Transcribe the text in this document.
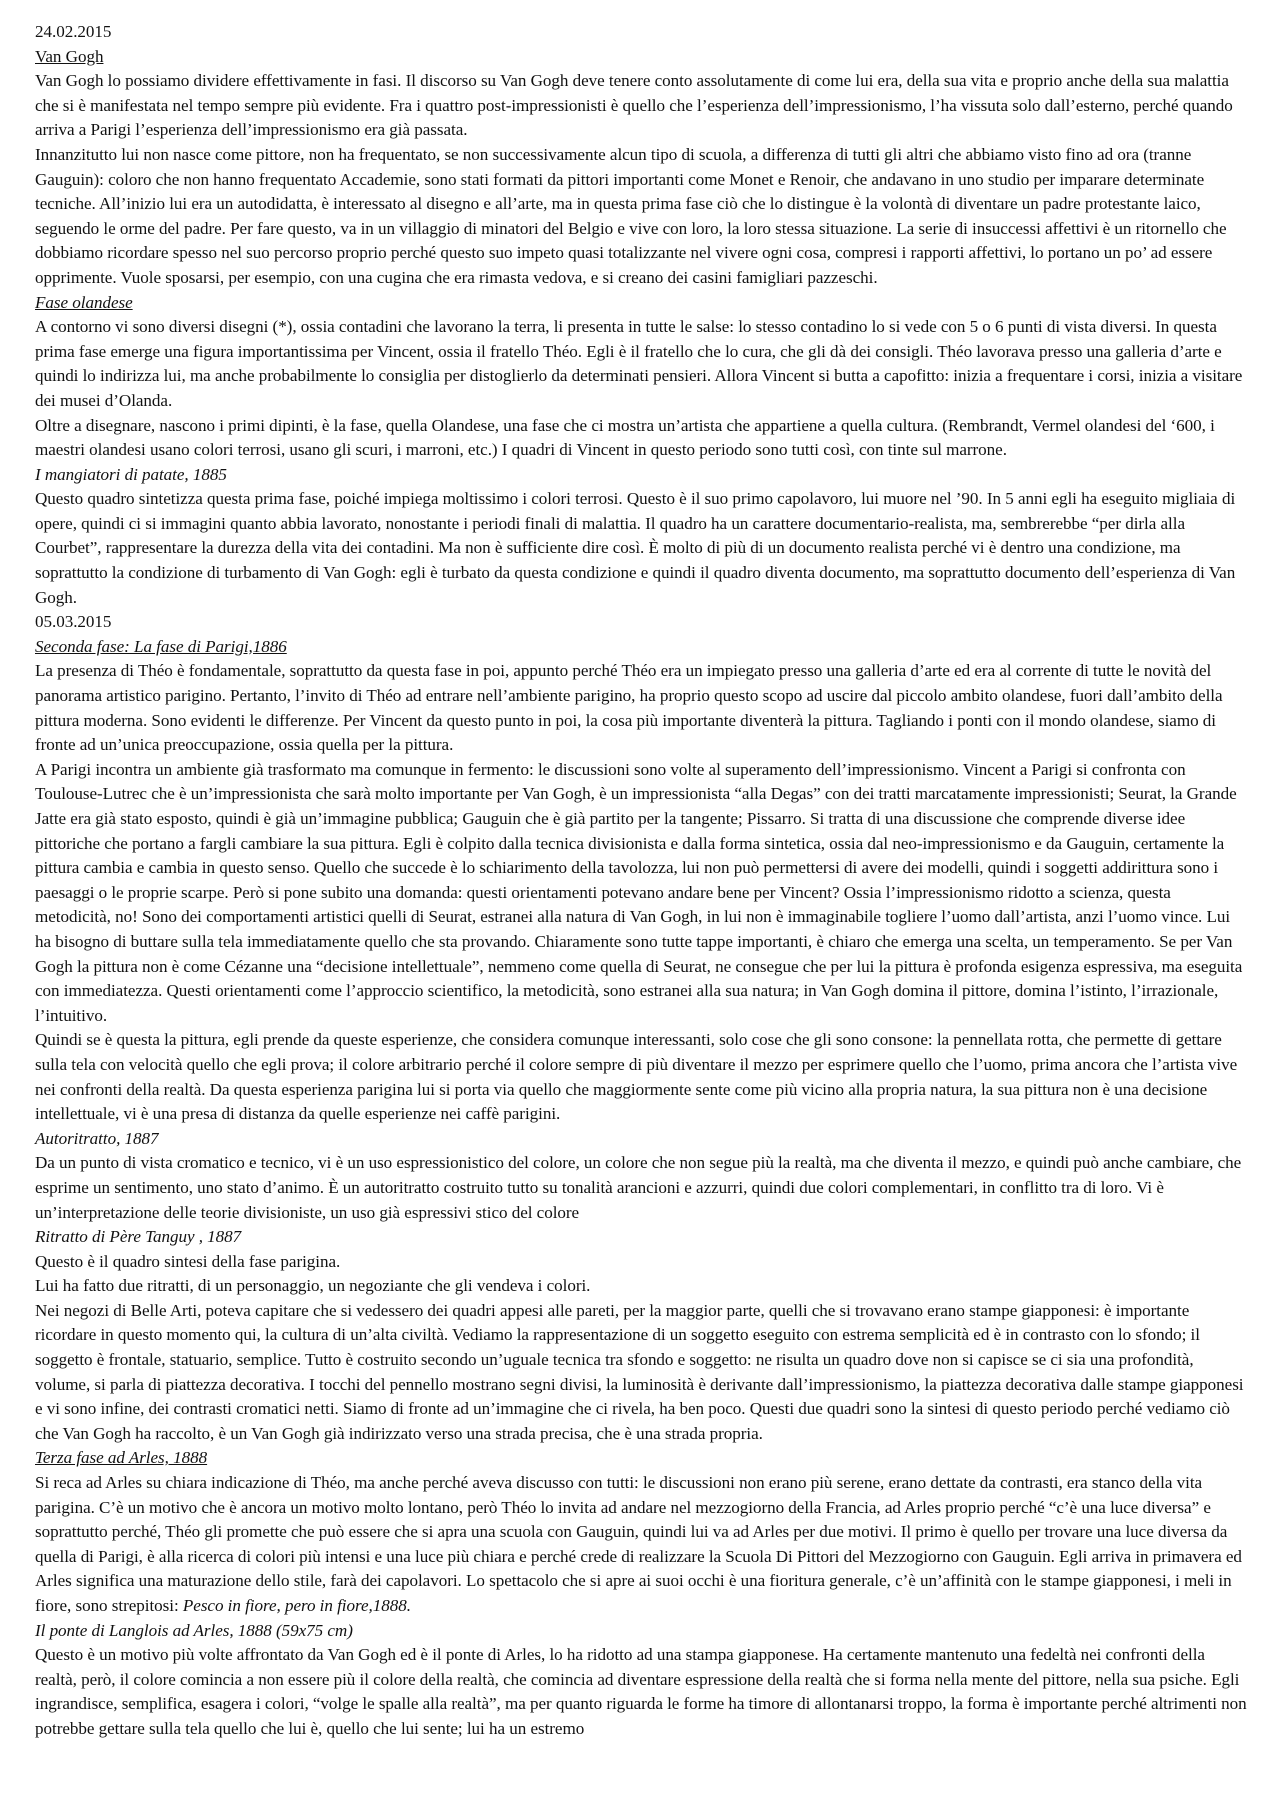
24.02.2015
Van Gogh
Van Gogh lo possiamo dividere effettivamente in fasi. Il discorso su Van Gogh deve tenere conto assolutamente di come lui era, della sua vita e proprio anche della sua malattia che si è manifestata nel tempo sempre più evidente. Fra i quattro post-impressionisti è quello che l’esperienza dell’impressionismo, l’ha vissuta solo dall’esterno, perché quando arriva a Parigi l’esperienza dell’impressionismo era già passata.
Innanzitutto lui non nasce come pittore, non ha frequentato, se non successivamente alcun tipo di scuola, a differenza di tutti gli altri che abbiamo visto fino ad ora (tranne Gauguin): coloro che non hanno frequentato Accademie, sono stati formati da pittori importanti come Monet e Renoir, che andavano in uno studio per imparare determinate tecniche. All’inizio lui era un autodidatta, è interessato al disegno e all’arte, ma in questa prima fase ciò che lo distingue è la volontà di diventare un padre protestante laico, seguendo le orme del padre. Per fare questo, va in un villaggio di minatori del Belgio e vive con loro, la loro stessa situazione. La serie di insuccessi affettivi è un ritornello che dobbiamo ricordare spesso nel suo percorso proprio perché questo suo impeto quasi totalizzante nel vivere ogni cosa, compresi i rapporti affettivi, lo portano un po’ ad essere opprimente. Vuole sposarsi, per esempio, con una cugina che era rimasta vedova, e si creano dei casini famigliari pazzeschi.
Fase olandese
A contorno vi sono diversi disegni (*), ossia contadini che lavorano la terra, li presenta in tutte le salse: lo stesso contadino lo si vede con 5 o 6 punti di vista diversi. In questa prima fase emerge una figura importantissima per Vincent, ossia il fratello Théo. Egli è il fratello che lo cura, che gli dà dei consigli. Théo lavorava presso una galleria d’arte e quindi lo indirizza lui, ma anche probabilmente lo consiglia per distoglierlo da determinati pensieri. Allora Vincent si butta a capofitto: inizia a frequentare i corsi, inizia a visitare dei musei d’Olanda.
Oltre a disegnare, nascono i primi dipinti, è la fase, quella Olandese, una fase che ci mostra un’artista che appartiene a quella cultura. (Rembrandt, Vermel olandesi del ‘600, i maestri olandesi usano colori terrosi, usano gli scuri, i marroni, etc.) I quadri di Vincent in questo periodo sono tutti così, con tinte sul marrone.
I mangiatori di patate, 1885
Questo quadro sintetizza questa prima fase, poiché impiega moltissimo i colori terrosi. Questo è il suo primo capolavoro, lui muore nel ’90. In 5 anni egli ha eseguito migliaia di opere, quindi ci si immagini quanto abbia lavorato, nonostante i periodi finali di malattia. Il quadro ha un carattere documentario-realista, ma, sembrerebbe “per dirla alla Courbet”, rappresentare la durezza della vita dei contadini. Ma non è sufficiente dire così. È molto di più di un documento realista perché vi è dentro una condizione, ma soprattutto la condizione di turbamento di Van Gogh: egli è turbato da questa condizione e quindi il quadro diventa documento, ma soprattutto documento dell’esperienza di Van Gogh.
05.03.2015
Seconda fase: La fase di Parigi,1886
La presenza di Théo è fondamentale, soprattutto da questa fase in poi, appunto perché Théo era un impiegato presso una galleria d’arte ed era al corrente di tutte le novità del panorama artistico parigino. Pertanto, l’invito di Théo ad entrare nell’ambiente parigino, ha proprio questo scopo ad uscire dal piccolo ambito olandese, fuori dall’ambito della pittura moderna. Sono evidenti le differenze. Per Vincent da questo punto in poi, la cosa più importante diventerà la pittura. Tagliando i ponti con il mondo olandese, siamo di fronte ad un’unica preoccupazione, ossia quella per la pittura.
A Parigi incontra un ambiente già trasformato ma comunque in fermento: le discussioni sono volte al superamento dell’impressionismo. Vincent a Parigi si confronta con Toulouse-Lutrec che è un’impressionista che sarà molto importante per Van Gogh, è un impressionista “alla Degas” con dei tratti marcatamente impressionisti; Seurat, la Grande Jatte era già stato esposto, quindi è già un’immagine pubblica; Gauguin che è già partito per la tangente; Pissarro. Si tratta di una discussione che comprende diverse idee pittoriche che portano a fargli cambiare la sua pittura. Egli è colpito dalla tecnica divisionista e dalla forma sintetica, ossia dal neo-impressionismo e da Gauguin, certamente la pittura cambia e cambia in questo senso. Quello che succede è lo schiarimento della tavolozza, lui non può permettersi di avere dei modelli, quindi i soggetti addirittura sono i paesaggi o le proprie scarpe. Però si pone subito una domanda: questi orientamenti potevano andare bene per Vincent? Ossia l’impressionismo ridotto a scienza, questa metodicità, no! Sono dei comportamenti artistici quelli di Seurat, estranei alla natura di Van Gogh, in lui non è immaginabile togliere l’uomo dall’artista, anzi l’uomo vince. Lui ha bisogno di buttare sulla tela immediatamente quello che sta provando. Chiaramente sono tutte tappe importanti, è chiaro che emerga una scelta, un temperamento. Se per Van Gogh la pittura non è come Cézanne una “decisione intellettuale”, nemmeno come quella di Seurat, ne consegue che per lui la pittura è profonda esigenza espressiva, ma eseguita con immediatezza. Questi orientamenti come l’approccio scientifico, la metodicità, sono estranei alla sua natura; in Van Gogh domina il pittore, domina l’istinto, l’irrazionale, l’intuitivo.
Quindi se è questa la pittura, egli prende da queste esperienze, che considera comunque interessanti, solo cose che gli sono consone: la pennellata rotta, che permette di gettare sulla tela con velocità quello che egli prova; il colore arbitrario perché il colore sempre di più diventare il mezzo per esprimere quello che l’uomo, prima ancora che l’artista vive nei confronti della realtà. Da questa esperienza parigina lui si porta via quello che maggiormente sente come più vicino alla propria natura, la sua pittura non è una decisione intellettuale, vi è una presa di distanza da quelle esperienze nei caffè parigini.
Autoritratto, 1887
Da un punto di vista cromatico e tecnico, vi è un uso espressionistico del colore, un colore che non segue più la realtà, ma che diventa il mezzo, e quindi può anche cambiare, che esprime un sentimento, uno stato d’animo. È un autoritratto costruito tutto su tonalità arancioni e azzurri, quindi due colori complementari, in conflitto tra di loro. Vi è un’interpretazione delle teorie divisioniste, un uso già espressivi stico del colore
Ritratto di Père Tanguy , 1887
Questo è il quadro sintesi della fase parigina.
Lui ha fatto due ritratti, di un personaggio, un negoziante che gli vendeva i colori.
Nei negozi di Belle Arti, poteva capitare che si vedessero dei quadri appesi alle pareti, per la maggior parte, quelli che si trovavano erano stampe giapponesi: è importante ricordare in questo momento qui, la cultura di un’alta civiltà. Vediamo la rappresentazione di un soggetto eseguito con estrema semplicità ed è in contrasto con lo sfondo; il soggetto è frontale, statuario, semplice. Tutto è costruito secondo un’uguale tecnica tra sfondo e soggetto: ne risulta un quadro dove non si capisce se ci sia una profondità, volume, si parla di piattezza decorativa. I tocchi del pennello mostrano segni divisi, la luminosità è derivante dall’impressionismo, la piattezza decorativa dalle stampe giapponesi e vi sono infine, dei contrasti cromatici netti. Siamo di fronte ad un’immagine che ci rivela, ha ben poco. Questi due quadri sono la sintesi di questo periodo perché vediamo ciò che Van Gogh ha raccolto, è un Van Gogh già indirizzato verso una strada precisa, che è una strada propria.
Terza fase ad Arles, 1888
Si reca ad Arles su chiara indicazione di Théo, ma anche perché aveva discusso con tutti: le discussioni non erano più serene, erano dettate da contrasti, era stanco della vita parigina. C’è un motivo che è ancora un motivo molto lontano, però Théo lo invita ad andare nel mezzogiorno della Francia, ad Arles proprio perché “c’è una luce diversa” e soprattutto perché, Théo gli promette che può essere che si apra una scuola con Gauguin, quindi lui va ad Arles per due motivi. Il primo è quello per trovare una luce diversa da quella di Parigi, è alla ricerca di colori più intensi e una luce più chiara e perché crede di realizzare la Scuola Di Pittori del Mezzogiorno con Gauguin. Egli arriva in primavera ed Arles significa una maturazione dello stile, farà dei capolavori. Lo spettacolo che si apre ai suoi occhi è una fioritura generale, c’è un’affinità con le stampe giapponesi, i meli in fiore, sono strepitosi: Pesco in fiore, pero in fiore,1888.
Il ponte di Langlois ad Arles, 1888 (59x75 cm)
Questo è un motivo più volte affrontato da Van Gogh ed è il ponte di Arles, lo ha ridotto ad una stampa giapponese. Ha certamente mantenuto una fedeltà nei confronti della realtà, però, il colore comincia a non essere più il colore della realtà, che comincia ad diventare espressione della realtà che si forma nella mente del pittore, nella sua psiche. Egli ingrandisce, semplifica, esagera i colori, “volge le spalle alla realtà”, ma per quanto riguarda le forme ha timore di allontanarsi troppo, la forma è importante perché altrimenti non potrebbe gettare sulla tela quello che lui è, quello che lui sente; lui ha un estremo
